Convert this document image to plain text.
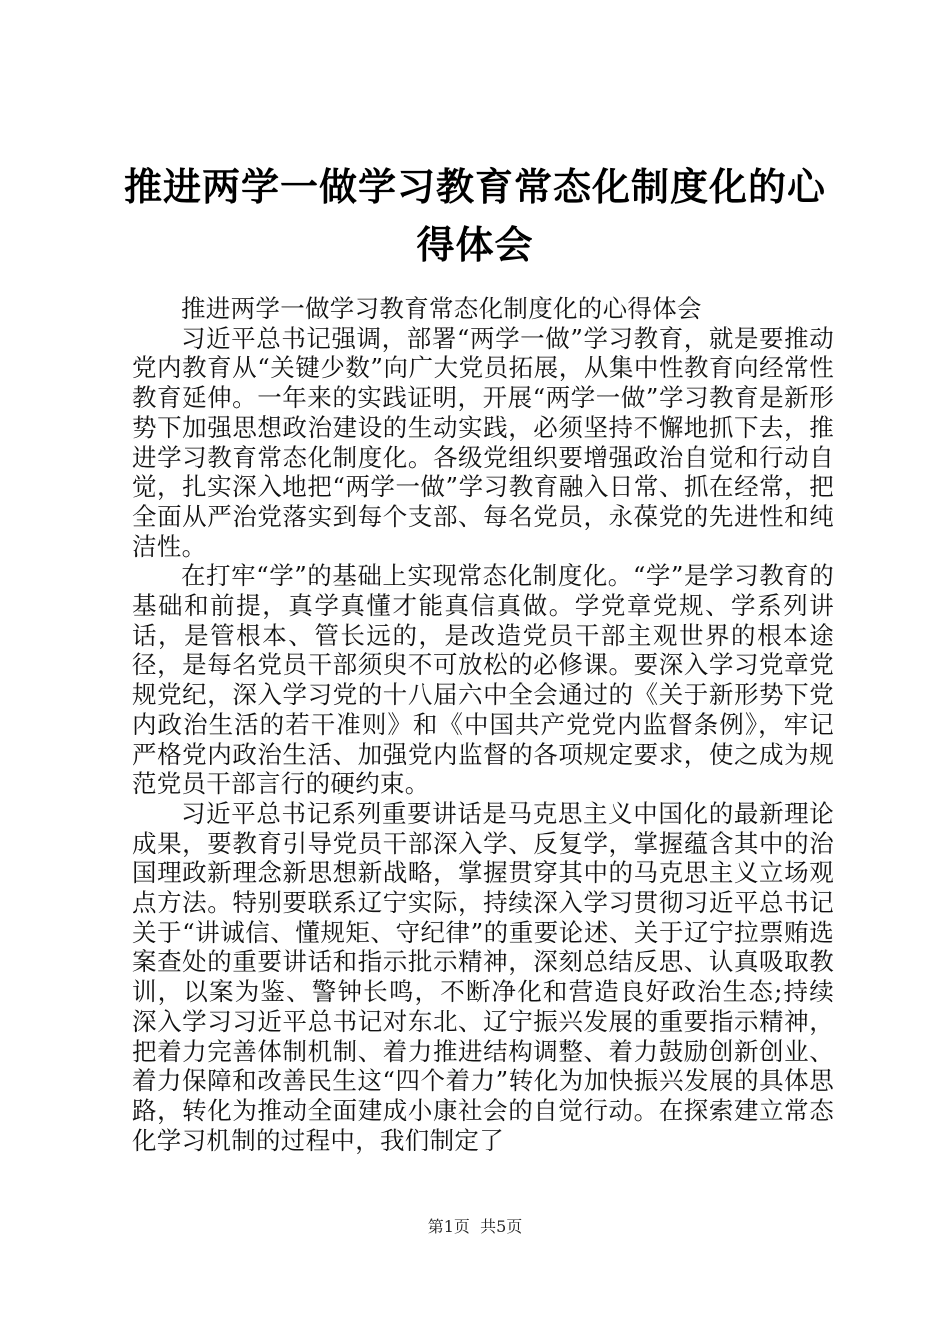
推进两学一做学习教育常态化制度化的心得体会

推进两学一做学习教育常态化制度化的心得体会

习近平总书记强调，部署“两学一做”学习教育，就是要推动党内教育从“关键少数”向广大党员拓展，从集中性教育向经常性教育延伸。一年来的实践证明，开展“两学一做”学习教育是新形势下加强思想政治建设的生动实践，必须坚持不懈地抓下去，推进学习教育常态化制度化。各级党组织要增强政治自觉和行动自觉，扎实深入地把“两学一做”学习教育融入日常、抓在经常，把全面从严治党落实到每个支部、每名党员，永葆党的先进性和纯洁性。

在打牢“学”的基础上实现常态化制度化。“学”是学习教育的基础和前提，真学真懂才能真信真做。学党章党规、学系列讲话，是管根本、管长远的，是改造党员干部主观世界的根本途径，是每名党员干部须臾不可放松的必修课。要深入学习党章党规党纪，深入学习党的十八届六中全会通过的《关于新形势下党内政治生活的若干准则》和《中国共产党党内监督条例》，牢记严格党内政治生活、加强党内监督的各项规定要求，使之成为规范党员干部言行的硬约束。

习近平总书记系列重要讲话是马克思主义中国化的最新理论成果，要教育引导党员干部深入学、反复学，掌握蕴含其中的治国理政新理念新思想新战略，掌握贯穿其中的马克思主义立场观点方法。特别要联系辽宁实际，持续深入学习贯彻习近平总书记关于“讲诚信、懂规矩、守纪律”的重要论述、关于辽宁拉票贿选案查处的重要讲话和指示批示精神，深刻总结反思、认真吸取教训，以案为鉴、警钟长鸣，不断净化和营造良好政治生态;持续深入学习习近平总书记对东北、辽宁振兴发展的重要指示精神，把着力完善体制机制、着力推进结构调整、着力鼓励创新创业、着力保障和改善民生这“四个着力”转化为加快振兴发展的具体思路，转化为推动全面建成小康社会的自觉行动。在探索建立常态化学习机制的过程中，我们制定了

第1页 共5页
